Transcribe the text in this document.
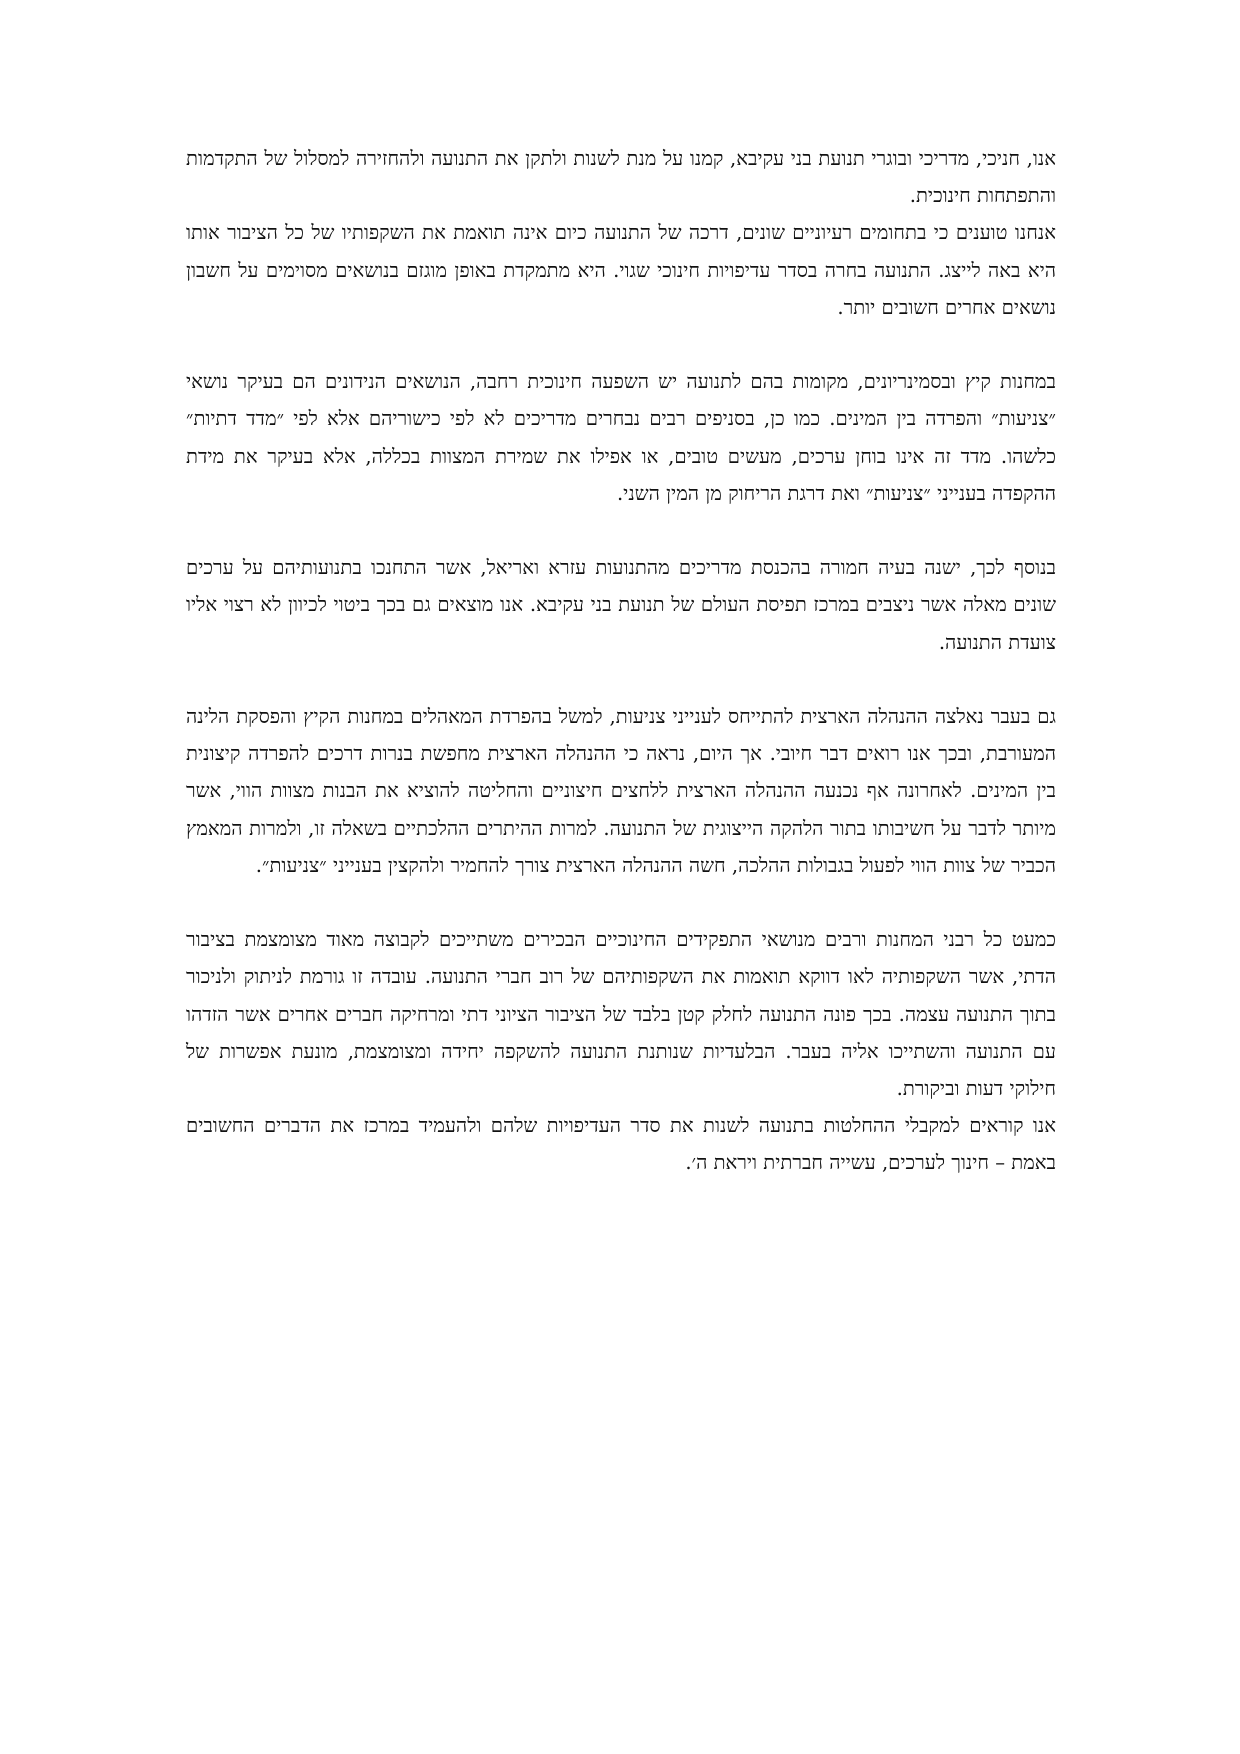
אנו, חניכי, מדריכי ובוגרי תנועת בני עקיבא, קמנו על מנת לשנות ולתקן את התנועה ולהחזירה למסלול של התקדמות והתפתחות חינוכית.

אנחנו טוענים כי בתחומים רעיוניים שונים, דרכה של התנועה כיום אינה תואמת את השקפותיו של כל הציבור אותו היא באה לייצג. התנועה בחרה בסדר עדיפויות חינוכי שגוי. היא מתמקדת באופן מוגזם בנושאים מסוימים על חשבון נושאים אחרים חשובים יותר.

במחנות קיץ ובסמינריונים, מקומות בהם לתנועה יש השפעה חינוכית רחבה, הנושאים הנידונים הם בעיקר נושאי ״צניעות״ והפרדה בין המינים. כמו כן, בסניפים רבים נבחרים מדריכים לא לפי כישוריהם אלא לפי ״מדד דתיות״ כלשהו. מדד זה אינו בוחן ערכים, מעשים טובים, או אפילו את שמירת המצוות בכללה, אלא בעיקר את מידת ההקפדה בענייני ״צניעות״ ואת דרגת הריחוק מן המין השני.

בנוסף לכך, ישנה בעיה חמורה בהכנסת מדריכים מהתנועות עזרא ואריאל, אשר התחנכו בתנועותיהם על ערכים שונים מאלה אשר ניצבים במרכז תפיסת העולם של תנועת בני עקיבא. אנו מוצאים גם בכך ביטוי לכיוון לא רצוי אליו צועדת התנועה.

גם בעבר נאלצה ההנהלה הארצית להתייחס לענייני צניעות, למשל בהפרדת המאהלים במחנות הקיץ והפסקת הלינה המעורבת, ובכך אנו רואים דבר חיובי. אך היום, נראה כי ההנהלה הארצית מחפשת בנרות דרכים להפרדה קיצונית בין המינים. לאחרונה אף נכנעה ההנהלה הארצית ללחצים חיצוניים והחליטה להוציא את הבנות מצוות הווי, אשר מיותר לדבר על חשיבותו בתור הלהקה הייצוגית של התנועה. למרות ההיתרים ההלכתיים בשאלה זו, ולמרות המאמץ הכביר של צוות הווי לפעול בגבולות ההלכה, חשה ההנהלה הארצית צורך להחמיר ולהקצין בענייני ״צניעות״.

כמעט כל רבני המחנות ורבים מנושאי התפקידים החינוכיים הבכירים משתייכים לקבוצה מאוד מצומצמת בציבור הדתי, אשר השקפותיה לאו דווקא תואמות את השקפותיהם של רוב חברי התנועה. עובדה זו גורמת לניתוק ולניכור בתוך התנועה עצמה. בכך פונה התנועה לחלק קטן בלבד של הציבור הציוני דתי ומרחיקה חברים אחרים אשר הזדהו עם התנועה והשתייכו אליה בעבר. הבלעדיות שנותנת התנועה להשקפה יחידה ומצומצמת, מונעת אפשרות של חילוקי דעות וביקורת.

אנו קוראים למקבלי ההחלטות בתנועה לשנות את סדר העדיפויות שלהם ולהעמיד במרכז את הדברים החשובים באמת – חינוך לערכים, עשייה חברתית ויראת ה׳.
